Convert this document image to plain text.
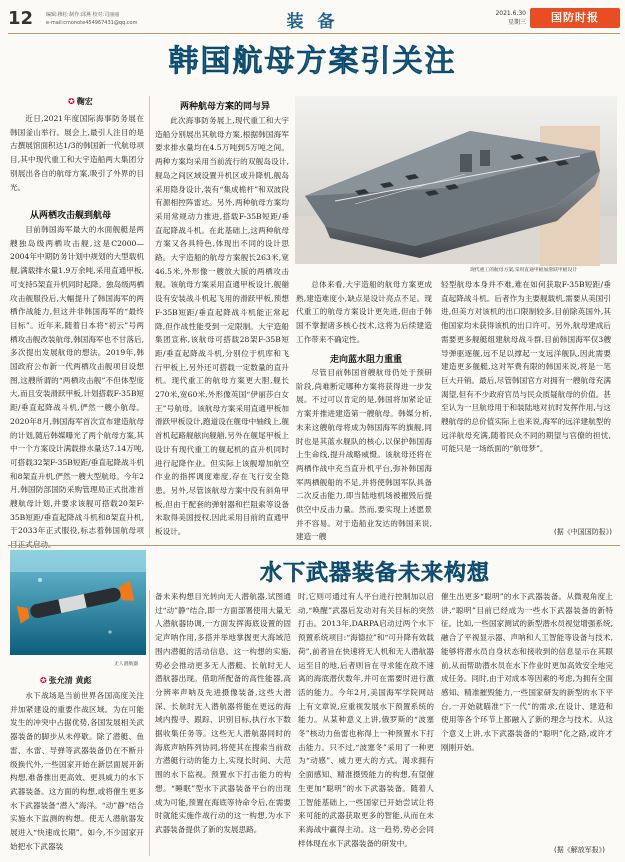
12	编辑:穆松 制作:邱燕 校对:司丽丽
e-mail:cmonote454967431@qq.com	装 备	2021.6.30
星期三	国防时报
韩国航母方案引关注
✪ 鞠宏
近日,2021年度国际海事防务展在韩国釜山举行。展会上,最引人注目的是古撰展馆面积达1/3的韩国新一代航母项目,其中现代重工和大宇造船两大集团分别展出各自的航母方案,吸引了外界的目光。
从两栖攻击舰到航母
目前韩国海军最大的水面舰艇是两艘独岛级两栖攻击舰,这是C2000—2004年中期防务计划中规划的大型载机舰,满载排水量1.9万余吨,采用直通甲板,可支持5架直升机同时起降。独岛级两栖攻击舰服役后,大幅提升了韩国海军的两栖作战能力,但这并非韩国海军的“最终目标”。近年来,随着日本将“初云”号两栖攻击舰改装航母,韩国海军也不甘落后,多次提出发展航母的想法。2019年,韩国政府公布新一代两栖攻击舰项目设想图,这艘所谓的“两栖攻击舰”不但体型庞大,而且安装滑跃甲板,计划搭载F-35B短距/垂直起降战斗机,俨然一艘小航母。2020年8月,韩国海军首次宣布建造航母的计划,随后韩媒曝光了两个航母方案,其中一个方案设计满载排水量达7.14万吨,可搭载32架F-35B短距/垂直起降战斗机和8架直升机,俨然一艘大型航母。今年2月,韩国防部国防采购管理局正式批准首艘航母计划,并要求该舰可搭载20架F-35B短距/垂直起降战斗机和8架直升机,于2033年正式服役,标志着韩国航母项
两种航母方案的同与异
此次海事防务展上,现代重工和大宇造船分别展出其航母方案,根据韩国海军要求排水量均在4.5万吨到5万吨之间。两种方案均采用当前流行的双舰岛设计,舰岛之间区域设置升机区或升降机,舰岛采用隐身设计,装有“集成桅杆”和双波段有源相控阵雷达。另外,两种航母方案均采用常规动力推进,搭载F-35B短距/垂直起降战斗机。在此基础上,这两种航母方案又各具特色,体现出不同的设计思路。大宇造船的航母方案舰长263米,宽46.5米,外形像一艘放大版的两栖攻击舰。该航母方案采用直通甲板设计,舰艏设有安装战斗机起飞用的滑跃甲板,预想F-35B短距/垂直起降战斗机能正常起降,但作战性能受到一定限制。大宇造船集团宣称,该航母可搭载28架F-35B短距/垂直起降战斗机,分别位于机库和飞行甲板上,另外还可搭载一定数量的直升机。现代重工的航母方案更大胆,舰长270米,宽60米,外形像英国“伊丽莎白女王”号航母。该航母方案采用直通甲板加滑跃甲板设计,跑道设在舰母中轴线上,舰首机起路舰舷向舰艏,另外在舰尾甲板上设计有现代重工的舰起机的直升机同时进行起降作业。但实际上该舰增加航空作业的指挥调度难度,存在飞行安全隐患。另外,尽管该航母方案中没有斜角甲板,但由于配套的弹射器和拦阻索等设备未取得美国授权,因此采用目前的直通甲板设计。
现代重工的航母方案,采用直通甲板加滑跃甲板设计
总体来看,大宇造船的航母方案更成熟,建造难度小,缺点是设计亮点不足。现代重工的航母方案设计更先进,但由于韩国不掌握诸多核心技术,这将为后续建造工作带来不确定性。
走向蓝水阻力重重
尽管目前韩国首艘航母仍处于预研阶段,尚难断定哪种方案将获得进一步发展。不过可以肯定的是,韩国将加紧论证方案并推进建造第一艘航母。韩媒分析,未来这艘航母将成为韩国海军的旗舰,同时也是其蓝水舰队的核心,以保护韩国海上生命线,提升战略威慑。该航母还将在两栖作战中充当直升机平台,弥补韩国海军两栖舰船的不足,并将使韩国军队具备二次反击能力,即当陆地机场被摧毁后提供空中反击力量。然而,要实现上述愿景并不容易。对于造船业发达的韩国来说,建造一艘
轻型航母本身并不难,难在如何获取F-35B短距/垂直起降战斗机。后者作为主要舰载机,需要从美国引进,但美方对该机的出口限制较多,目前除英国外,其他国家均未获得该机的出口许可。另外,航母建成后需要更多舰艇组建航母战斗群,目前韩国海军仅3艘导弹驱逐舰,远不足以撑起一支远洋舰队,因此需要建造更多舰艇,这对军费有限的韩国来说,将是一笔巨大开销。最后,尽管韩国官方对拥有一艘航母充满渴望,但有不少政府官员与民众质疑航母的价值。甚至认为一旦航母用于和装陆地对抗时发挥作用,与这艘航母的总价值实际上也来说,海军的远洋建航型的远洋航母充满,随着民众不同的期望与官僚的担忧,可能只是一场纸面的“航母梦”。
(据《中国国防报》)
水下武器装备未来构想
无人潜航器
✪ 张允清 黄彪
水下战场是当前世界各国高度关注并加紧建设的重要作战区域。为在可能发生的冲突中占据优势,各国发展相关武器装备的脚步从未停歇。除了潜艇、鱼雷、水雷、导弹等武器装备仍在不断升级换代外,一些国家开始在新层面展开新构想,难备推出更高效、更具威力的水下武器装备。这方面的构想,或将催生更多水下武器装备“潜入”海洋。“动”静“结合实施水下监测的构想。使无人潜航器发展进入“快速成长期”。如今,不少国家开始把水下武器装
备未来构想目光转向无人潜航器,试图通过“动”静“结合,即一方面部署使用大量无人潜航器协调,一方面发挥海底设置的固定声呐作用,多搭并举地掌握更大海域范围内潜艇的活动信息。这一构想的实施,势必会推动更多无人潜艇、长航时无人潜航器出现。借助所配备的高性能器,高分辨率声呐及先进摄像装备,这些大潜深、长航时无人潜航器将能在更远的海域内搜寻、跟踪、识别目标,执行水下数据收集任务等。这些无人潜航器同时的海底声呐阵列协同,将使其在搜索当前敌方潜艇行动的能力上,实现长时间、大范围的水下监视。预置水下打击能力的构想。“睡眠”型水下武器装备平台的出现成为可能,预置在海底等待命令后,在需要时就能实施作战行动的这一构想,为水下武器装备提供了新的发展思路。
时,它则可通过有人平台进行控制加以启动,“唤醒”武器后发动对有关目标的突然打击。2013年,DARPA启动过两个水下预置系统项目:“海德拉”和“可升降有效载荷”,前者旨在快速将无人机和无人潜航器运至目的地,后者则旨在寻求能在敌不速离的海底潜伏数年,并可在需要时进行激活的能力。今年2月,美国海军学院网站上有文章说,应重视发展水下预置系统的能力。从某种意义上讲,俄罗斯的“波塞冬”核动力鱼雷也称得上一种预置水下打击能力。只不过,“波塞冬”采用了一种更为“动感”、威力更大的方式。渴求拥有全面感知、精准摄毁能力的构想,有望催生更加“聪明”的水下武器装备。随着人工智能基础上,一些国家已开始尝试让将来可能的武器获取更多的智能,从而在未来海战中赢得主动。这一趋势,势必会同样体现在水下武器装备的研发中。
催生出更多“聪明”的水下武器装备。从微观角度上讲,“聪明”目前已经成为一些水下武器装备的新特征。比如,一些国家测试的新型潜水员视觉增强系统,融合了平视显示器、声呐和人工智能等设备与技术,能够将潜水员自身状态和接收到的信息显示在其眼前,从而帮助潜水员在水下作业时更加高效安全地完成任务。同时,由于对成本等因素的考虑,为拥有全面感知、精准摧毁能力,一些国家研发的新型的水下平台,一开始就瞄准“下一代”的需求,在设计、建造和使用等各个环节上都融入了新的理念与技术。从这个意义上讲,水下武器装备的“聪明”化之路,或许才刚刚开始。
(据《解放军报》)
